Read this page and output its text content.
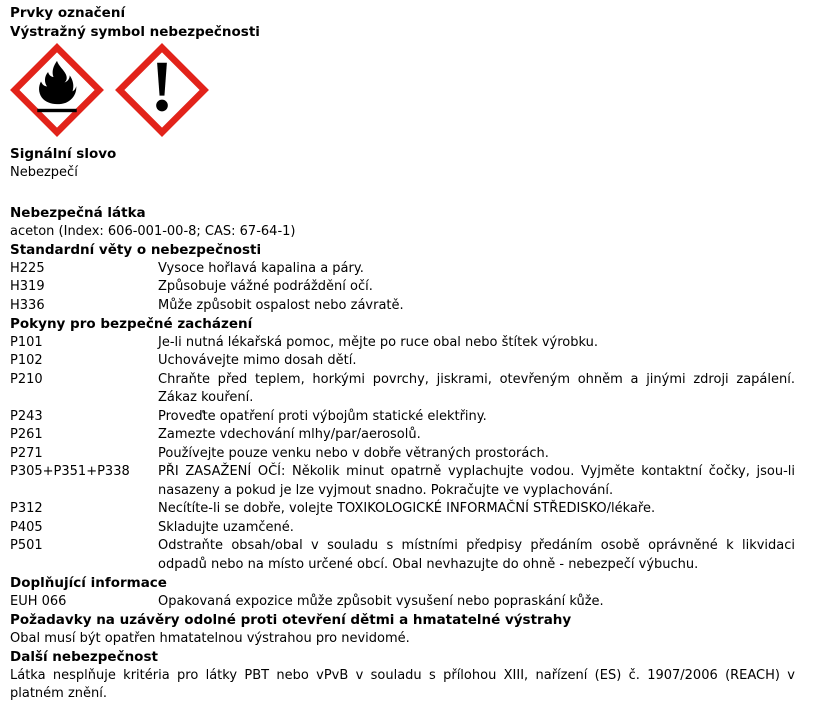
Prvky označení
Výstražný symbol nebezpečnosti
Signální slovo

Nebezpečí

Nebezpečná látka

aceton (Index: 606-001-00-8; CAS: 67-64-1)

Standardní věty o nebezpečnosti
H225	Vysoce hořlavá kapalina a páry.
H319	Způsobuje vážné podráždění očí.
H336	Může způsobit ospalost nebo závratě.
Pokyny pro bezpečné zacházení
P101	Je-li nutná lékařská pomoc, mějte po ruce obal nebo štítek výrobku.
P102	Uchovávejte mimo dosah dětí.
P210	Chraňte před teplem, horkými povrchy, jiskrami, otevřeným ohněm a jinými zdroji zapálení. Zákaz kouření.
P243	Proveďte opatření proti výbojům statické elektřiny.
P261	Zamezte vdechování mlhy/par/aerosolů.
P271	Používejte pouze venku nebo v dobře větraných prostorách.
P305+P351+P338	PŘI ZASAŽENÍ OČÍ: Několik minut opatrně vyplachujte vodou. Vyjměte kontaktní čočky, jsou-li nasazeny a pokud je lze vyjmout snadno. Pokračujte ve vyplachování.
P312	Necítíte-li se dobře, volejte TOXIKOLOGICKÉ INFORMAČNÍ STŘEDISKO/lékaře.
P405	Skladujte uzamčené.
P501	Odstraňte obsah/obal v souladu s místními předpisy předáním osobě oprávněné k likvidaci odpadů nebo na místo určené obcí. Obal nevhazujte do ohně - nebezpečí výbuchu.
Doplňující informace
EUH 066	Opakovaná expozice může způsobit vysušení nebo popraskání kůže.
Požadavky na uzávěry odolné proti otevření dětmi a hmatatelné výstrahy

Obal musí být opatřen hmatatelnou výstrahou pro nevidomé.

Další nebezpečnost

Látka nesplňuje kritéria pro látky PBT nebo vPvB v souladu s přílohou XIII, nařízení (ES) č. 1907/2006 (REACH) v platném znění.
